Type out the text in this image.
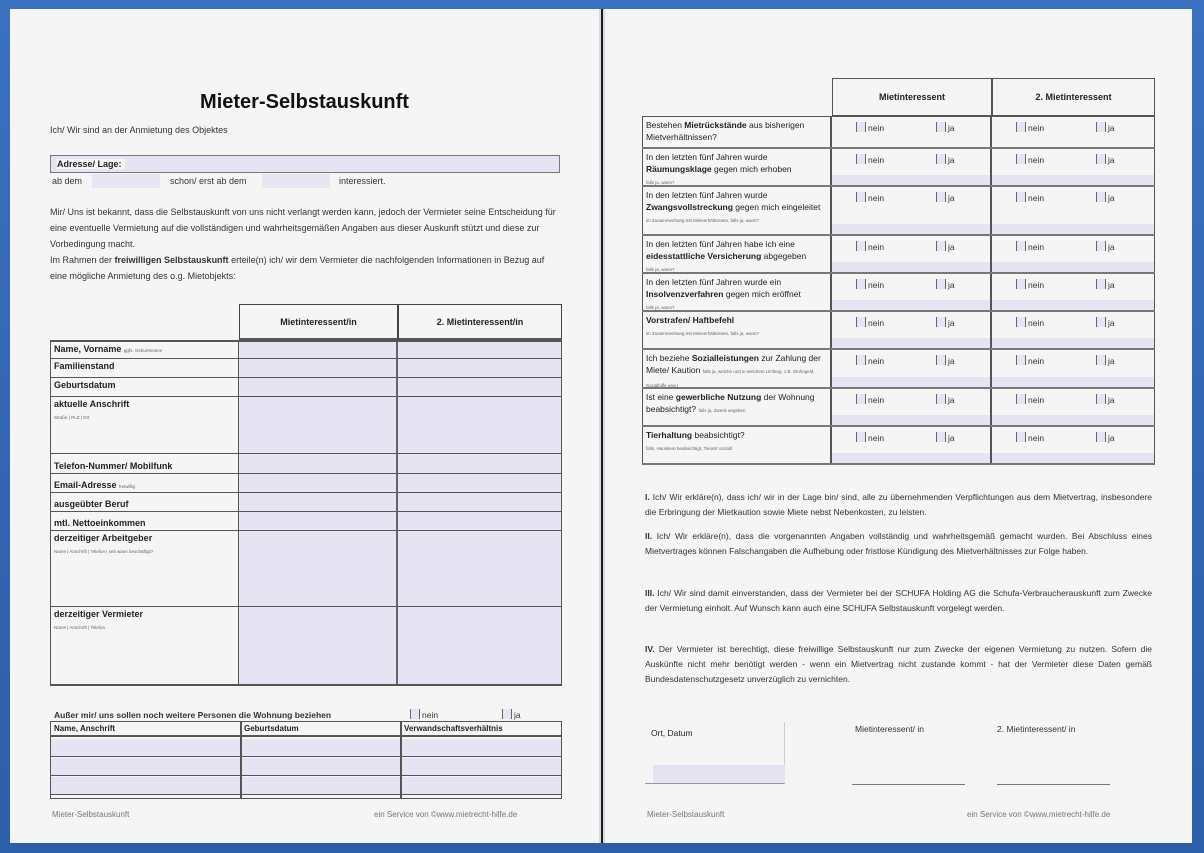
Mieter-Selbstauskunft
Ich/ Wir sind an der Anmietung des Objektes
Adresse/ Lage:
ab dem	schon/ erst ab dem	interessiert.
Mir/ Uns ist bekannt, dass die Selbstauskunft von uns nicht verlangt werden kann, jedoch der Vermieter seine Entscheidung für eine eventuelle Vermietung auf die vollständigen und wahrheitsgemäßen Angaben aus dieser Auskunft stützt und diese zur Vorbedingung macht.
Im Rahmen der freiwilligen Selbstauskunft erteile(n) ich/ wir dem Vermieter die nachfolgenden Informationen in Bezug auf eine mögliche Anmietung des o.g. Mietobjekts:
Mietinteressent/in	2. Mietinteressent/in
Name, Vorname ggfs. Geburtsname
Familienstand
Geburtsdatum
aktuelle Anschrift
Straße | PLZ | Ort
Telefon-Nummer/ Mobilfunk
Email-Adresse freiwillig
ausgeübter Beruf
mtl. Nettoeinkommen
derzeitiger Arbeitgeber
Name | Anschrift | Telefon | seit wann beschäftigt?
derzeitiger Vermieter
Name | Anschrift | Telefon
Außer mir/ uns sollen noch weitere Personen die Wohnung beziehen	nein	ja
Name, Anschrift	Geburtsdatum	Verwandschaftsverhältnis
Mieter-Selbstauskunft	ein Service von ©www.mietrecht-hilfe.de
Mietinteressent	2. Mietinteressent
Bestehen Mietrückstände aus bisherigen Mietverhältnissen?
nein	ja	nein	ja
In den letzten fünf Jahren wurde Räumungsklage gegen mich erhoben
falls ja, wann?
nein	ja	nein	ja
In den letzten fünf Jahren wurde Zwangsvollstreckung gegen mich eingeleitet
im Zusammenhang mit Mietverhältnissen, falls ja, wann?
nein	ja	nein	ja
In den letzten fünf Jahren habe ich eine eidesstattliche Versicherung abgegeben
falls ja, wann?
nein	ja	nein	ja
In den letzten fünf Jahren wurde ein Insolvenzverfahren gegen mich eröffnet
falls ja, wann?
nein	ja	nein	ja
Vorstrafen/ Haftbefehl
im Zusammenhang mit Mietverhältnissen, falls ja, wann?
nein	ja	nein	ja
Ich beziehe Sozialleistungen zur Zahlung der Miete/ Kaution falls ja, welche und in welchem Umfang, z.B. Wohngeld, Sozialhilfe usw.)
nein	ja	nein	ja
Ist eine gewerbliche Nutzung der Wohnung beabsichtigt? falls ja, Zweck angeben
nein	ja	nein	ja
Tierhaltung beabsichtigt?
falls, Haustiere beabsichtigt, Tierart/ Anzahl
nein	ja	nein	ja
I. Ich/ Wir erkläre(n), dass ich/ wir in der Lage bin/ sind, alle zu übernehmenden Verpflichtungen aus dem Mietvertrag, insbesondere die Erbringung der Mietkaution sowie Miete nebst Nebenkosten, zu leisten.
II. Ich/ Wir erkläre(n), dass die vorgenannten Angaben vollständig und wahrheitsgemäß gemacht wurden. Bei Abschluss eines Mietvertrages können Falschangaben die Aufhebung oder fristlose Kündigung des Mietverhältnisses zur Folge haben.
III. Ich/ Wir sind damit einverstanden, dass der Vermieter bei der SCHUFA Holding AG die Schufa-Verbraucherauskunft zum Zwecke der Vermietung einholt. Auf Wunsch kann auch eine SCHUFA Selbstauskunft vorgelegt werden.
IV. Der Vermieter ist berechtigt, diese freiwillige Selbstauskunft nur zum Zwecke der eigenen Vermietung zu nutzen. Sofern die Auskünfte nicht mehr benötigt werden - wenn ein Mietvertrag nicht zustande kommt - hat der Vermieter diese Daten gemäß Bundesdatenschutzgesetz unverzüglich zu vernichten.
Ort, Datum	Mietinteressent/ in	2. Mietinteressent/ in
Mieter-Selbstauskunft	ein Service von ©www.mietrecht-hilfe.de
